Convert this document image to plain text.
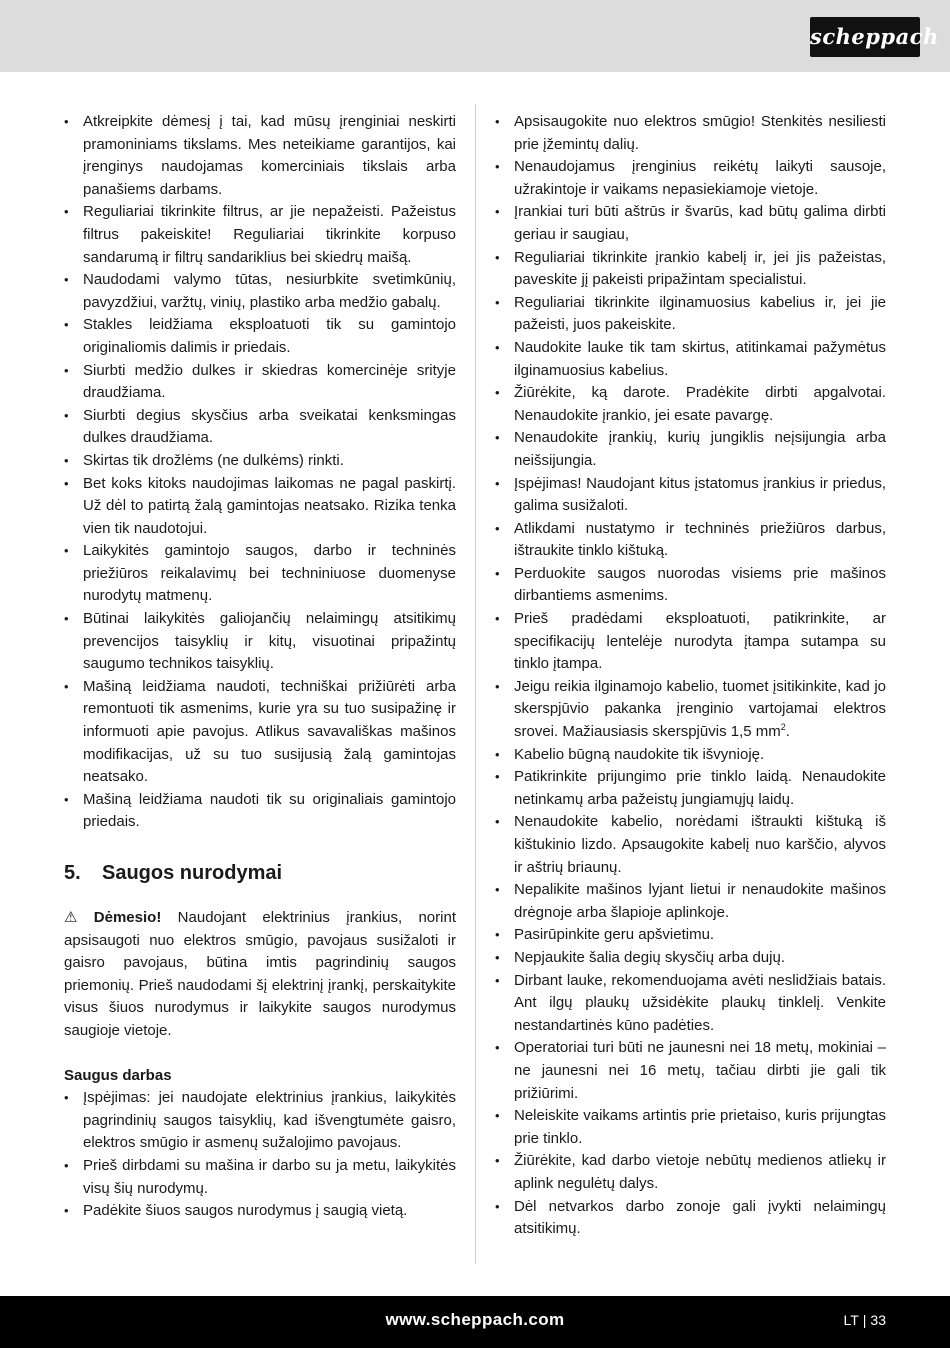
scheppach
• Atkreipkite dėmesį į tai, kad mūsų įrenginiai neskirti pramoniniams tikslams. Mes neteikiame garantijos, kai įrenginys naudojamas komerciniais tikslais arba panašiems darbams.
• Reguliariai tikrinkite filtrus, ar jie nepažeisti. Pažeistus filtrus pakeiskite! Reguliariai tikrinkite korpuso sandarumą ir filtrų sandariklius bei skiedrų maišą.
• Naudodami valymo tūtas, nesiurbkite svetimkūnių, pavyzdžiui, varžtų, vinių, plastiko arba medžio gabalų.
• Stakles leidžiama eksploatuoti tik su gamintojo originaliomis dalimis ir priedais.
• Siurbti medžio dulkes ir skiedras komercinėje srityje draudžiama.
• Siurbti degius skysčius arba sveikatai kenksmingas dulkes draudžiama.
• Skirtas tik drožlėms (ne dulkėms) rinkti.
• Bet koks kitoks naudojimas laikomas ne pagal paskirtį. Už dėl to patirtą žalą gamintojas neatsako. Rizika tenka vien tik naudotojui.
• Laikykitės gamintojo saugos, darbo ir techninės priežiūros reikalavimų bei techniniuose duomenyse nurodytų matmenų.
• Būtinai laikykitės galiojančių nelaimingų atsitikimų prevencijos taisyklių ir kitų, visuotinai pripažintų saugumo technikos taisyklių.
• Mašiną leidžiama naudoti, techniškai prižiūrėti arba remontuoti tik asmenims, kurie yra su tuo susipažinę ir informuoti apie pavojus. Atlikus savavališkas mašinos modifikacijas, už su tuo susijusią žalą gamintojas neatsako.
• Mašiną leidžiama naudoti tik su originaliais gamintojo priedais.
5. Saugos nurodymai
⚠ Dėmesio! Naudojant elektrinius įrankius, norint apsisaugoti nuo elektros smūgio, pavojaus susižaloti ir gaisro pavojaus, būtina imtis pagrindinių saugos priemonių. Prieš naudodami šį elektrinį įrankį, perskaitykite visus šiuos nurodymus ir laikykite saugos nurodymus saugioje vietoje.
Saugus darbas
• Įspėjimas: jei naudojate elektrinius įrankius, laikykitės pagrindinių saugos taisyklių, kad išvengtumėte gaisro, elektros smūgio ir asmenų sužalojimo pavojaus.
• Prieš dirbdami su mašina ir darbo su ja metu, laikykitės visų šių nurodymų.
• Padėkite šiuos saugos nurodymus į saugią vietą.
• Apsisaugokite nuo elektros smūgio! Stenkitės nesiliesti prie įžemintų dalių.
• Nenaudojamus įrenginius reikėtų laikyti sausoje, užrakintoje ir vaikams nepasiekiamoje vietoje.
• Įrankiai turi būti aštrūs ir švarūs, kad būtų galima dirbti geriau ir saugiau,
• Reguliariai tikrinkite įrankio kabelį ir, jei jis pažeistas, paveskite jį pakeisti pripažintam specialistui.
• Reguliariai tikrinkite ilginamuosius kabelius ir, jei jie pažeisti, juos pakeiskite.
• Naudokite lauke tik tam skirtus, atitinkamai pažymėtus ilginamuosius kabelius.
• Žiūrėkite, ką darote. Pradėkite dirbti apgalvotai. Nenaudokite įrankio, jei esate pavargę.
• Nenaudokite įrankių, kurių jungiklis neįsijungia arba neišsijungia.
• Įspėjimas! Naudojant kitus įstatomus įrankius ir priedus, galima susižaloti.
• Atlikdami nustatymo ir techninės priežiūros darbus, ištraukite tinklo kištuką.
• Perduokite saugos nuorodas visiems prie mašinos dirbantiems asmenims.
• Prieš pradėdami eksploatuoti, patikrinkite, ar specifikacijų lentelėje nurodyta įtampa sutampa su tinklo įtampa.
• Jeigu reikia ilginamojo kabelio, tuomet įsitikinkite, kad jo skerspjūvio pakanka įrenginio vartojamai elektros srovei. Mažiausiasis skerspjūvis 1,5 $mm^2$.
• Kabelio būgną naudokite tik išvynioję.
• Patikrinkite prijungimo prie tinklo laidą. Nenaudokite netinkamų arba pažeistų jungiamųjų laidų.
• Nenaudokite kabelio, norėdami ištraukti kištuką iš kištukinio lizdo. Apsaugokite kabelį nuo karščio, alyvos ir aštrių briaunų.
• Nepalikite mašinos lyjant lietui ir nenaudokite mašinos drėgnoje arba šlapioje aplinkoje.
• Pasirūpinkite geru apšvietimu.
• Nepjaukite šalia degių skysčių arba dujų.
• Dirbant lauke, rekomenduojama avėti neslidžiais batais. Ant ilgų plaukų užsidėkite plaukų tinklelį. Venkite nestandartinės kūno padėties.
• Operatoriai turi būti ne jaunesni nei 18 metų, mokiniai – ne jaunesni nei 16 metų, tačiau dirbti jie gali tik prižiūrimi.
• Neleiskite vaikams artintis prie prietaiso, kuris prijungtas prie tinklo.
• Žiūrėkite, kad darbo vietoje nebūtų medienos atliekų ir aplink negulėtų dalys.
• Dėl netvarkos darbo zonoje gali įvykti nelaimingų atsitikimų.
www.scheppach.com	LT | 33
